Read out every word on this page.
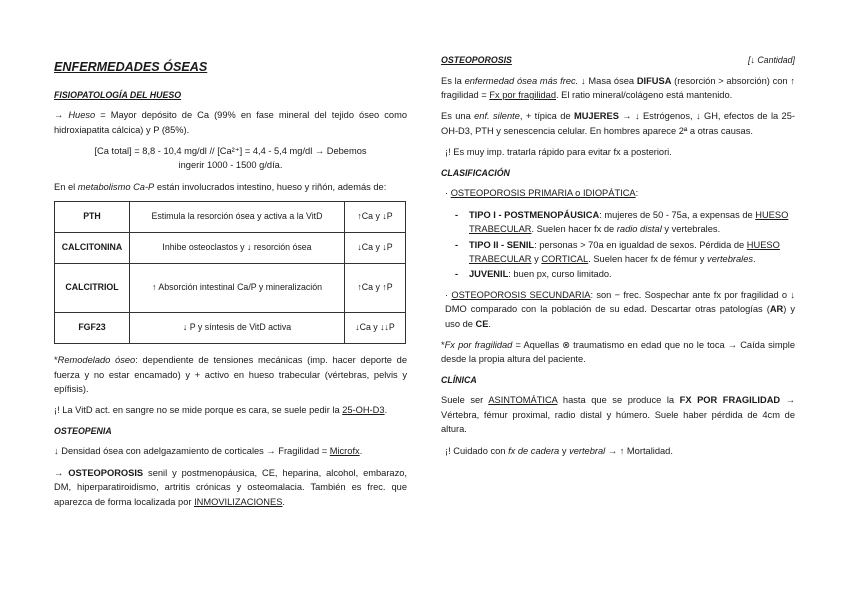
ENFERMEDADES ÓSEAS
FISIOPATOLOGÍA DEL HUESO

→ Hueso = Mayor depósito de Ca (99% en fase mineral del tejido óseo como hidroxiapatita cálcica) y P (85%).

[Ca total] = 8,8 - 10,4 mg/dl // [Ca²⁺] = 4,4 - 5,4 mg/dl → Debemos
ingerir 1000 - 1500 g/día.

En el metabolismo Ca-P están involucrados intestino, hueso y riñón, además de:

PTH	Estimula la resorción ósea y activa a la VitD	↑Ca y ↓P
CALCITONINA	Inhibe osteoclastos y ↓ resorción ósea	↓Ca y ↓P
CALCITRIOL	↑ Absorción intestinal Ca/P y mineralización	↑Ca y ↑P
FGF23	↓ P y síntesis de VitD activa	↓Ca y ↓↓P

*Remodelado óseo: dependiente de tensiones mecánicas (imp. hacer deporte de fuerza y no estar encamado) y + activo en hueso trabecular (vértebras, pelvis y epífisis).

¡! La VitD act. en sangre no se mide porque es cara, se suele pedir la 25-OH-D3.

OSTEOPENIA

↓ Densidad ósea con adelgazamiento de corticales → Fragilidad = Microfx.

→ OSTEOPOROSIS senil y postmenopáusica, CE, heparina, alcohol, embarazo, DM, hiperparatiroidismo, artritis crónicas y osteomalacia. También es frec. que aparezca de forma localizada por INMOVILIZACIONES.

OSTEOPOROSIS	[↓ Cantidad]

Es la enfermedad ósea más frec. ↓ Masa ósea DIFUSA (resorción > absorción) con ↑ fragilidad = Fx por fragilidad. El ratio mineral/colágeno está mantenido.

Es una enf. silente, + típica de MUJERES → ↓ Estrógenos, ↓ GH, efectos de la 25-OH-D3, PTH y senescencia celular. En hombres aparece 2ª a otras causas.

¡! Es muy imp. tratarla rápido para evitar fx a posteriori.

CLASIFICACIÓN

· OSTEOPOROSIS PRIMARIA o IDIOPÁTICA:

- TIPO I - POSTMENOPÁUSICA: mujeres de 50 - 75a, a expensas de HUESO TRABECULAR. Suelen hacer fx de radio distal y vertebrales.
- TIPO II - SENIL: personas > 70a en igualdad de sexos. Pérdida de HUESO TRABECULAR y CORTICAL. Suelen hacer fx de fémur y vertebrales.
- JUVENIL: buen px, curso limitado.

· OSTEOPOROSIS SECUNDARIA: son − frec. Sospechar ante fx por fragilidad o ↓ DMO comparado con la población de su edad. Descartar otras patologías (AR) y uso de CE.

*Fx por fragilidad = Aquellas ⊗ traumatismo en edad que no le toca → Caída simple desde la propia altura del paciente.

CLÍNICA

Suele ser ASINTOMÁTICA hasta que se produce la FX POR FRAGILIDAD → Vértebra, fémur proximal, radio distal y húmero. Suele haber pérdida de 4cm de altura.

¡! Cuidado con fx de cadera y vertebral → ↑ Mortalidad.
